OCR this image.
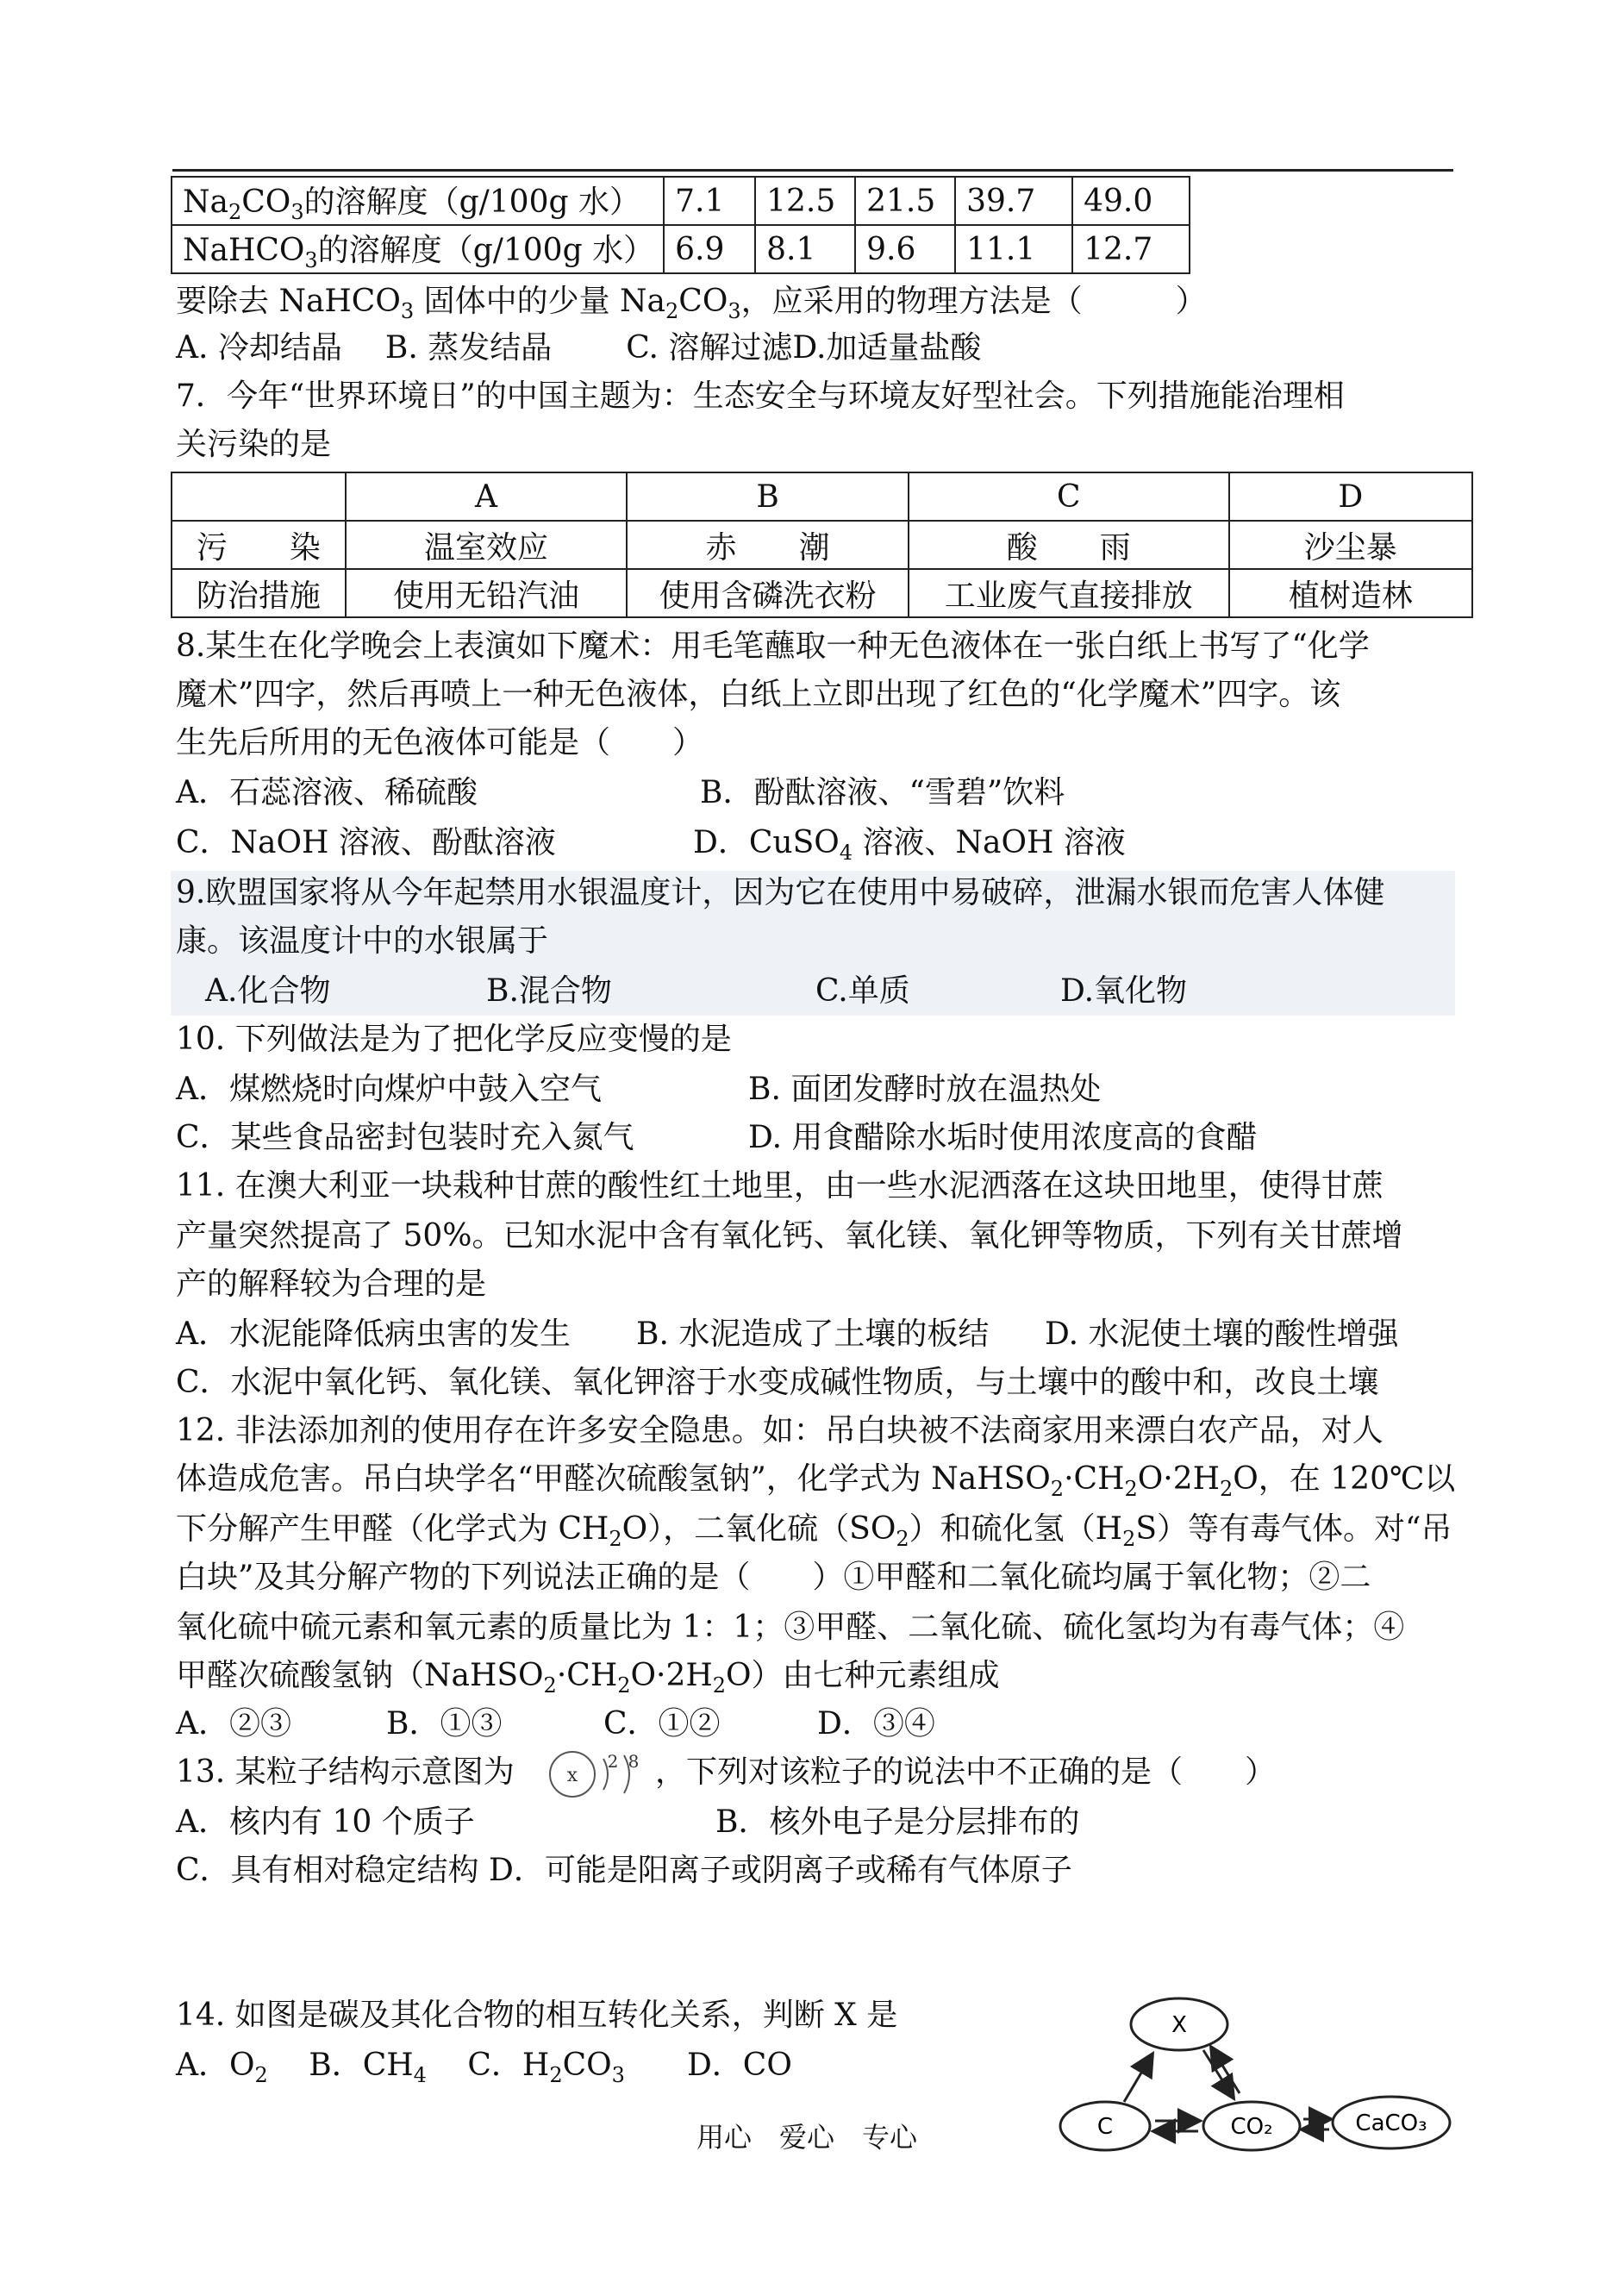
$Na_2CO_3$的溶解度（g/100g 水）	7.1	12.5	21.5	39.7	49.0
NaHCO$_3$的溶解度（g/100g 水）	6.9	8.1	9.6	11.1	12.7
要除去 NaHCO$_3$ 固体中的少量 $Na_2CO_3$，应采用的物理方法是（　　　）
A. 冷却结晶 B. 蒸发结晶 C. 溶解过滤D.加适量盐酸
7．今年“世界环境日”的中国主题为：生态安全与环境友好型社会。下列措施能治理相
关污染的是
	A	B	C	D
污　　染	温室效应	赤　　潮	酸　　雨	沙尘暴
防治措施	使用无铅汽油	使用含磷洗衣粉	工业废气直接排放	植树造林
8.某生在化学晚会上表演如下魔术：用毛笔蘸取一种无色液体在一张白纸上书写了“化学
魔术”四字，然后再喷上一种无色液体，白纸上立即出现了红色的“化学魔术”四字。该
生先后所用的无色液体可能是（　　）
A．石蕊溶液、稀硫酸	B．酚酞溶液、“雪碧”饮料
C．NaOH 溶液、酚酞溶液	D．CuSO$_4$ 溶液、NaOH 溶液
9.欧盟国家将从今年起禁用水银温度计，因为它在使用中易破碎，泄漏水银而危害人体健
康。该温度计中的水银属于
A.化合物	B.混合物	C.单质	D.氧化物
10. 下列做法是为了把化学反应变慢的是
A．煤燃烧时向煤炉中鼓入空气	B. 面团发酵时放在温热处
C．某些食品密封包装时充入氮气	D. 用食醋除水垢时使用浓度高的食醋
11. 在澳大利亚一块栽种甘蔗的酸性红土地里，由一些水泥洒落在这块田地里，使得甘蔗
产量突然提高了 50%。已知水泥中含有氧化钙、氧化镁、氧化钾等物质，下列有关甘蔗增
产的解释较为合理的是
A．水泥能降低病虫害的发生 B. 水泥造成了土壤的板结 D. 水泥使土壤的酸性增强
C．水泥中氧化钙、氧化镁、氧化钾溶于水变成碱性物质，与土壤中的酸中和，改良土壤
12. 非法添加剂的使用存在许多安全隐患。如：吊白块被不法商家用来漂白农产品，对人
体造成危害。吊白块学名“甲醛次硫酸氢钠”，化学式为 $NaHSO_2\cdot CH_2O\cdot 2H_2O$，在 120℃以
下分解产生甲醛（化学式为 $CH_2O$），二氧化硫$(SO_2)$和硫化氢$(H_2S)$等有毒气体。对“吊
白块”及其分解产物的下列说法正确的是（　　）①甲醛和二氧化硫均属于氧化物；②二
氧化硫中硫元素和氧元素的质量比为 1：1；③甲醛、二氧化硫、硫化氢均为有毒气体；④
甲醛次硫酸氢钠$(NaHSO_2\cdot CH_2O\cdot 2H_2O)$由七种元素组成
A．②③	B．①③	C．①②	D．③④
13. 某粒子结构示意图为	x
2 8 ，下列对该粒子的说法中不正确的是（　　）
A．核内有 10 个质子	B．核外电子是分层排布的
C．具有相对稳定结构 D．可能是阳离子或阴离子或稀有气体原子
14. 如图是碳及其化合物的相互转化关系，判断 X 是
A．$O_2$　 B．$CH_4$　 C．$H_2CO_3$　　D．CO
X
C	CO₂	CaCO₃
用心　爱心　专心
